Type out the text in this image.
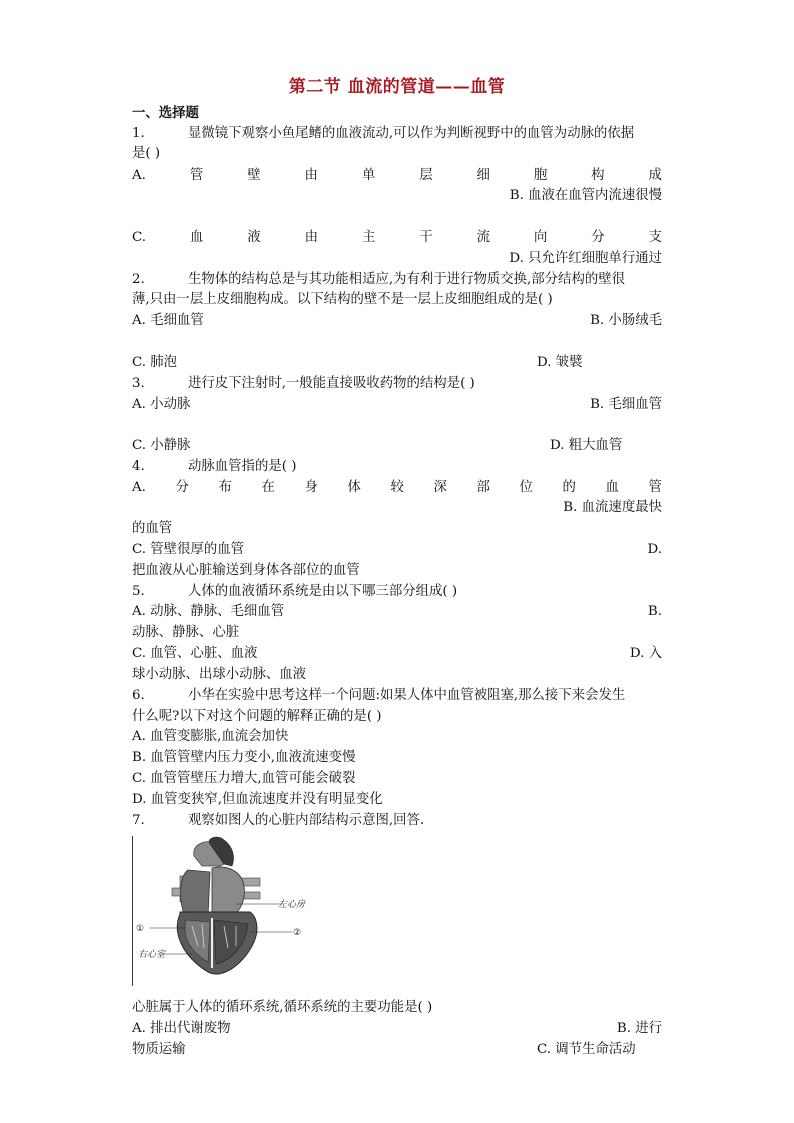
第二节 血流的管道——血管
一、选择题
1.	显微镜下观察小鱼尾鳍的血液流动,可以作为判断视野中的血管为动脉的依据
是( )
A.	管	壁	由	单	层	细	胞	构	成
B. 血液在血管内流速很慢
C.	血	液	由	主	干	流	向	分	支
D. 只允许红细胞单行通过
2.	生物体的结构总是与其功能相适应,为有利于进行物质交换,部分结构的壁很
薄,只由一层上皮细胞构成。以下结构的壁不是一层上皮细胞组成的是( )
A. 毛细血管	B. 小肠绒毛
C. 肺泡	D. 皱襞
3.	进行皮下注射时,一般能直接吸收药物的结构是( )
A. 小动脉	B. 毛细血管
C. 小静脉	D. 粗大血管
4.	动脉血管指的是( )
A. 分 布 在 身 体 较 深 部 位 的 血 管
B. 血流速度最快
的血管
C. 管壁很厚的血管	D.
把血液从心脏输送到身体各部位的血管
5.	人体的血液循环系统是由以下哪三部分组成( )
A. 动脉、静脉、毛细血管	B.
动脉、静脉、心脏
C. 血管、心脏、血液	D. 入
球小动脉、出球小动脉、血液
6.	小华在实验中思考这样一个问题:如果人体中血管被阻塞,那么接下来会发生
什么呢?以下对这个问题的解释正确的是( )
A. 血管变膨胀,血流会加快
B. 血管管壁内压力变小,血液流速变慢
C. 血管管壁压力增大,血管可能会破裂
D. 血管变狭窄,但血流速度并没有明显变化
7.	观察如图人的心脏内部结构示意图,回答.
①	②
左心房
右心室
心脏属于人体的循环系统,循环系统的主要功能是( )
A. 排出代谢废物	B. 进行
物质运输	C. 调节生命活动
